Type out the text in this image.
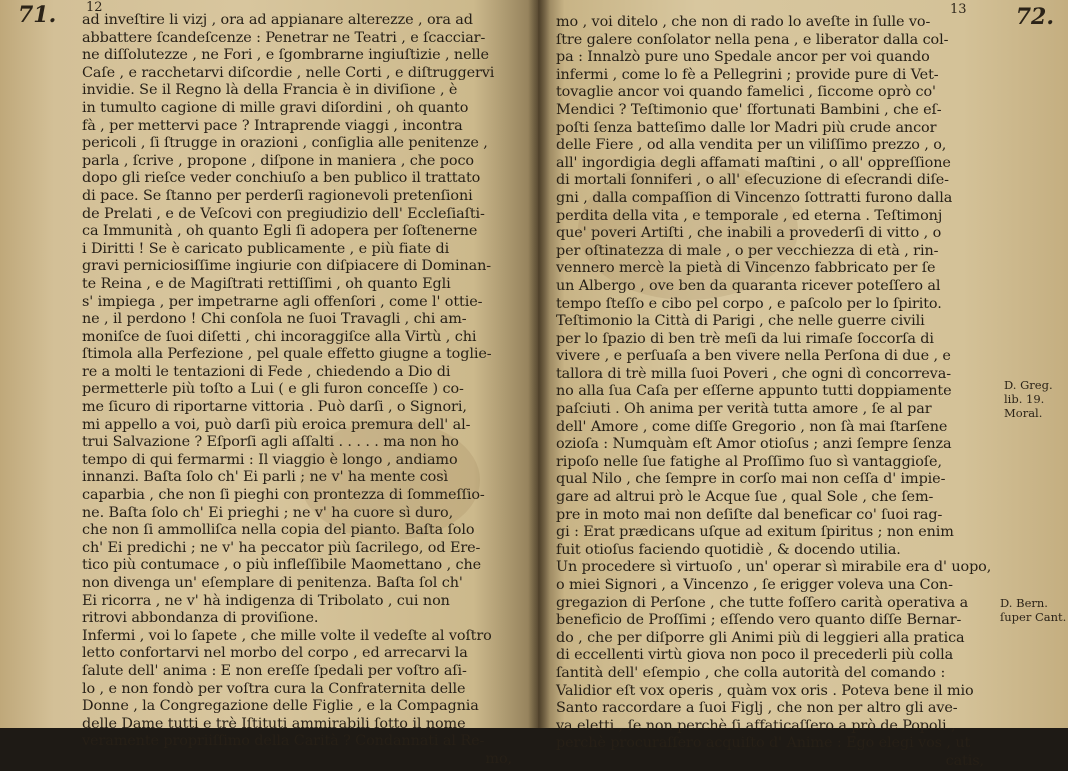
71. 12
ad inveſtire li vizj , ora ad appianare alterezze , ora ad
abbattere ſcandeſcenze : Penetrar ne Teatri , e ſcacciar-
ne diſſolutezze , ne Fori , e ſgombrarne ingiuſtizie , nelle
Caſe , e racchetarvi diſcordie , nelle Corti , e diſtruggervi
invidie. Se il Regno là della Francia è in diviſione , è
in tumulto cagione di mille gravi diſordini , oh quanto
fà , per mettervi pace ? Intraprende viaggi , incontra
pericoli , ſi ſtrugge in orazioni , conſiglia alle penitenze ,
parla , ſcrive , propone , diſpone in maniera , che poco
dopo gli rieſce veder conchiuſo a ben publico il trattato
di pace. Se ſtanno per perderſi ragionevoli pretenſioni
de Prelati , e de Veſcovi con pregiudizio dell' Eccleſiaſti-
ca Immunità , oh quanto Egli ſi adopera per ſoſtenerne
i Diritti ! Se è caricato publicamente , e più fiate di
gravi perniciosiſſime ingiurie con diſpiacere di Dominan-
te Reina , e de Magiſtrati rettiſſimi , oh quanto Egli
s' impiega , per impetrarne agli offenſori , come l' ottie-
ne , il perdono ! Chi conſola ne ſuoi Travagli , chi am-
moniſce de ſuoi diſetti , chi incoraggiſce alla Virtù , chi
ſtimola alla Perfezione , pel quale effetto giugne a toglie-
re a molti le tentazioni di Fede , chiedendo a Dio di
permetterle più toſto a Lui ( e gli furon conceſſe ) co-
me ſicuro di riportarne vittoria . Può darſi , o Signori,
mi appello a voi, può darſi più eroica premura dell' al-
trui Salvazione ? Eſporſi agli aſſalti . . . . . ma non ho
tempo di qui fermarmi : Il viaggio è longo , andiamo
innanzi. Baſta ſolo ch' Ei parli ; ne v' ha mente così
caparbia , che non ſi pieghi con prontezza di ſommeſſio-
ne. Baſta ſolo ch' Ei prieghi ; ne v' ha cuore sì duro,
che non ſi ammolliſca nella copia del pianto. Baſta ſolo
ch' Ei predichi ; ne v' ha peccator più ſacrilego, od Ere-
tico più contumace , o più infleſſibile Maomettano , che
non divenga un' eſemplare di penitenza. Baſta ſol ch'
Ei ricorra , ne v' hà indigenza di Tribolato , cui non
ritrovi abbondanza di proviſione.
Infermi , voi lo ſapete , che mille volte il vedeſte al voſtro
letto confortarvi nel morbo del corpo , ed arrecarvi la
ſalute dell' anima : E non ereſſe ſpedali per voſtro aſi-
lo , e non fondò per voſtra cura la Confraternita delle
Donne , la Congregazione delle Figlie , e la Compagnia
delle Dame tutti e trè Iſtituti ammirabili ſotto il nome
veramente propriiſſimo della Carità ? Condannati al Re-
mo,
13 72.
mo , voi ditelo , che non di rado lo aveſte in ſulle vo-
ſtre galere conſolator nella pena , e liberator dalla col-
pa : Innalzò pure uno Spedale ancor per voi quando
infermi , come lo fè a Pellegrini ; provide pure di Vet-
tovaglie ancor voi quando famelici , ſiccome oprò co'
Mendici ? Teſtimonio que' ſfortunati Bambini , che eſ-
poſti ſenza batteſimo dalle lor Madri più crude ancor
delle Fiere , od alla vendita per un viliſſimo prezzo , o,
all' ingordigia degli affamati maſtini , o all' oppreſſione
di mortali ſonniferi , o all' eſecuzione di eſecrandi diſe-
gni , dalla compaſſion di Vincenzo ſottratti furono dalla
perdita della vita , e temporale , ed eterna . Teſtimonj
que' poveri Artiſti , che inabili a provederſi di vitto , o
per oſtinatezza di male , o per vecchiezza di età , rin-
vennero mercè la pietà di Vincenzo fabbricato per ſe
un Albergo , ove ben da quaranta ricever poteſſero al
tempo ſteſſo e cibo pel corpo , e paſcolo per lo ſpirito.
Teſtimonio la Città di Parigi , che nelle guerre civili
per lo ſpazio di ben trè meſi da lui rimaſe ſoccorſa di
vivere , e perſuaſa a ben vivere nella Perſona di due , e
tallora di trè milla ſuoi Poveri , che ogni dì concorreva-
no alla ſua Caſa per eſſerne appunto tutti doppiamente
paſciuti . Oh anima per verità tutta amore , ſe al par
dell' Amore , come diſſe Gregorio , non ſà mai ſtarſene
ozioſa : Numquàm eſt Amor otioſus ; anzi ſempre ſenza
ripoſo nelle ſue fatighe al Proſſimo ſuo sì vantaggioſe,
qual Nilo , che ſempre in corſo mai non ceſſa d' impie-
gare ad altrui prò le Acque ſue , qual Sole , che ſem-
pre in moto mai non deſiſte dal beneficar co' ſuoi rag-
gi : Erat prædicans uſque ad exitum ſpiritus ; non enim
fuit otioſus faciendo quotidiè , & docendo utilia.
Un procedere sì virtuoſo , un' operar sì mirabile era d' uopo,
o miei Signori , a Vincenzo , ſe erigger voleva una Con-
gregazion di Perſone , che tutte foſſero carità operativa a
beneficio de Proſſimi ; eſſendo vero quanto diſſe Bernar-
do , che per diſporre gli Animi più di leggieri alla pratica
di eccellenti virtù giova non poco il precederli più colla
ſantità dell' eſempio , che colla autorità del comando :
Validior eſt vox operis , quàm vox oris . Poteva bene il mio
Santo raccordare a ſuoi Figlj , che non per altro gli ave-
va eletti , ſe non perchè ſi affaticaſſero a prò de Popoli ,
perchè procuraſſero acquiſto d' Anime : Ego elegi vos , ut
catis,
D. Greg. lib. 19. Moral.
D. Bern. ſuper Cant.
